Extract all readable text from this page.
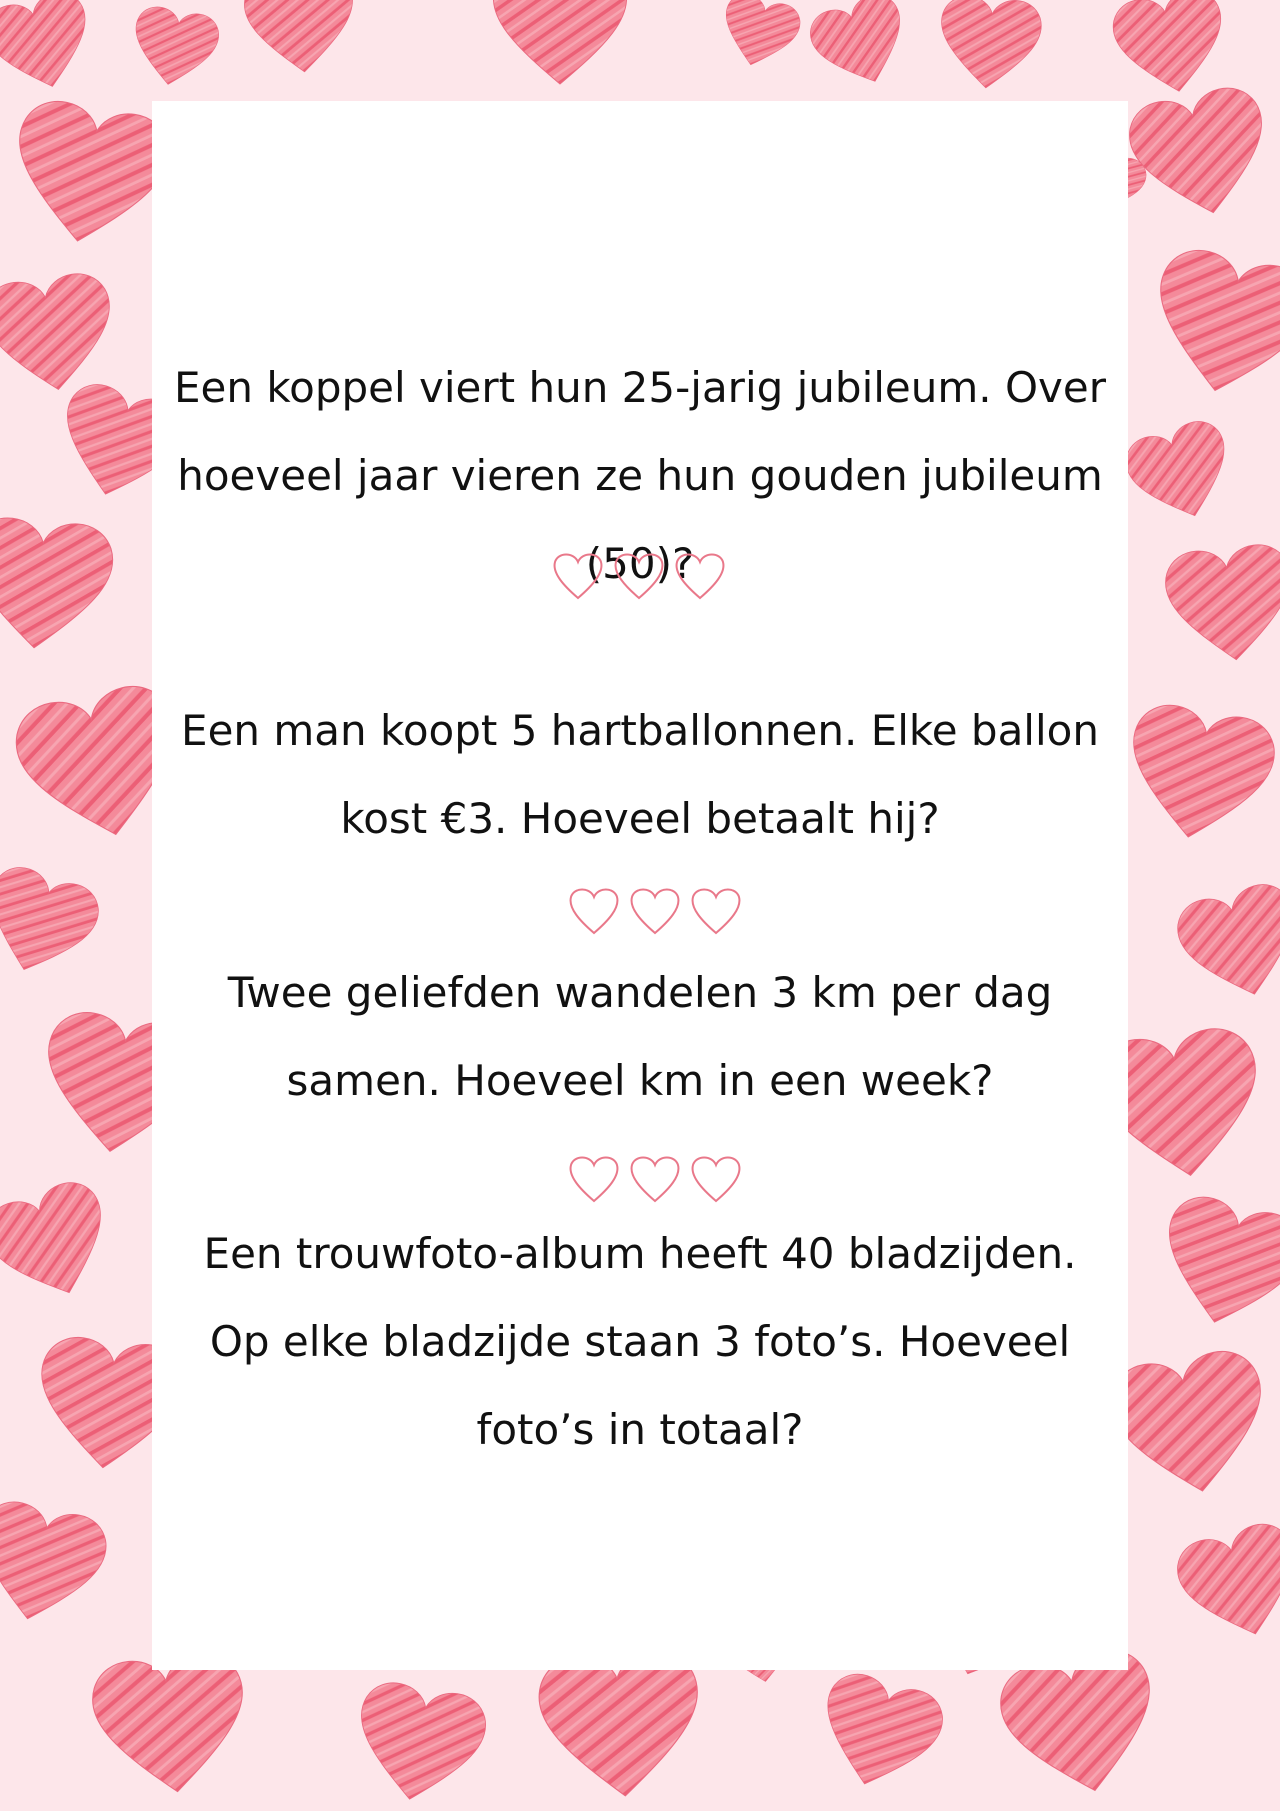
Een koppel viert hun 25-jarig jubileum. Over
hoeveel jaar vieren ze hun gouden jubileum
(50)?

Een man koopt 5 hartballonnen. Elke ballon
kost €3. Hoeveel betaalt hij?

Twee geliefden wandelen 3 km per dag
samen. Hoeveel km in een week?

Een trouwfoto-album heeft 40 bladzijden.
Op elke bladzijde staan 3 foto’s. Hoeveel
foto’s in totaal?
